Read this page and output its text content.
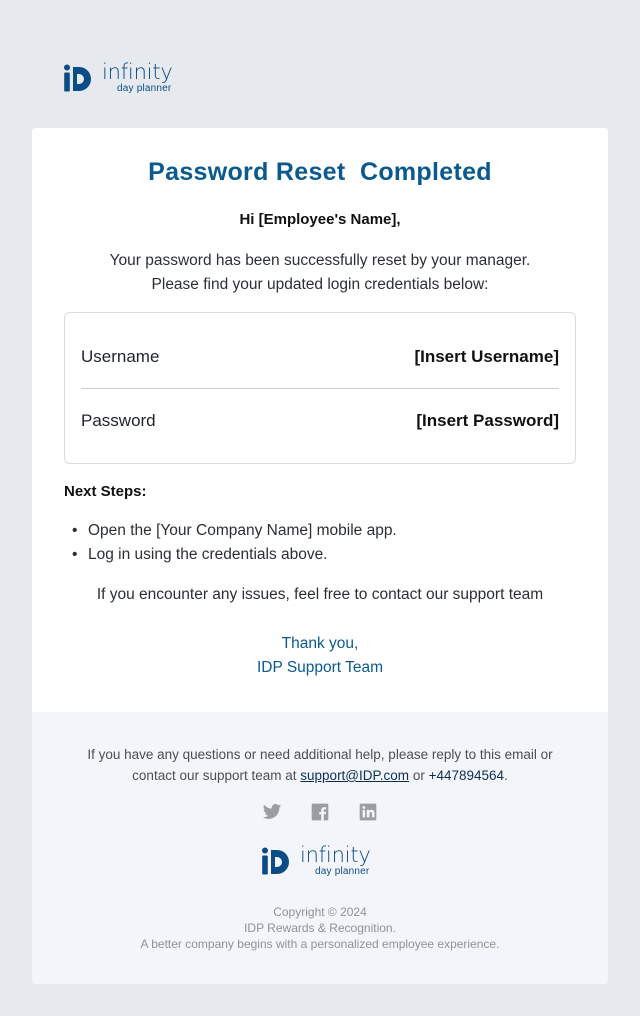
infinity
day planner
Password Reset  Completed
Hi [Employee's Name],
Your password has been successfully reset by your manager.
Please find your updated login credentials below:
Username	[Insert Username]
Password	[Insert Password]
Next Steps:
• Open the [Your Company Name] mobile app.
• Log in using the credentials above.
If you encounter any issues, feel free to contact our support team
Thank you,
IDP Support Team
If you have any questions or need additional help, please reply to this email or
contact our support team at support@IDP.com or +447894564.
infinity
day planner
Copyright © 2024
IDP Rewards & Recognition.
A better company begins with a personalized employee experience.
